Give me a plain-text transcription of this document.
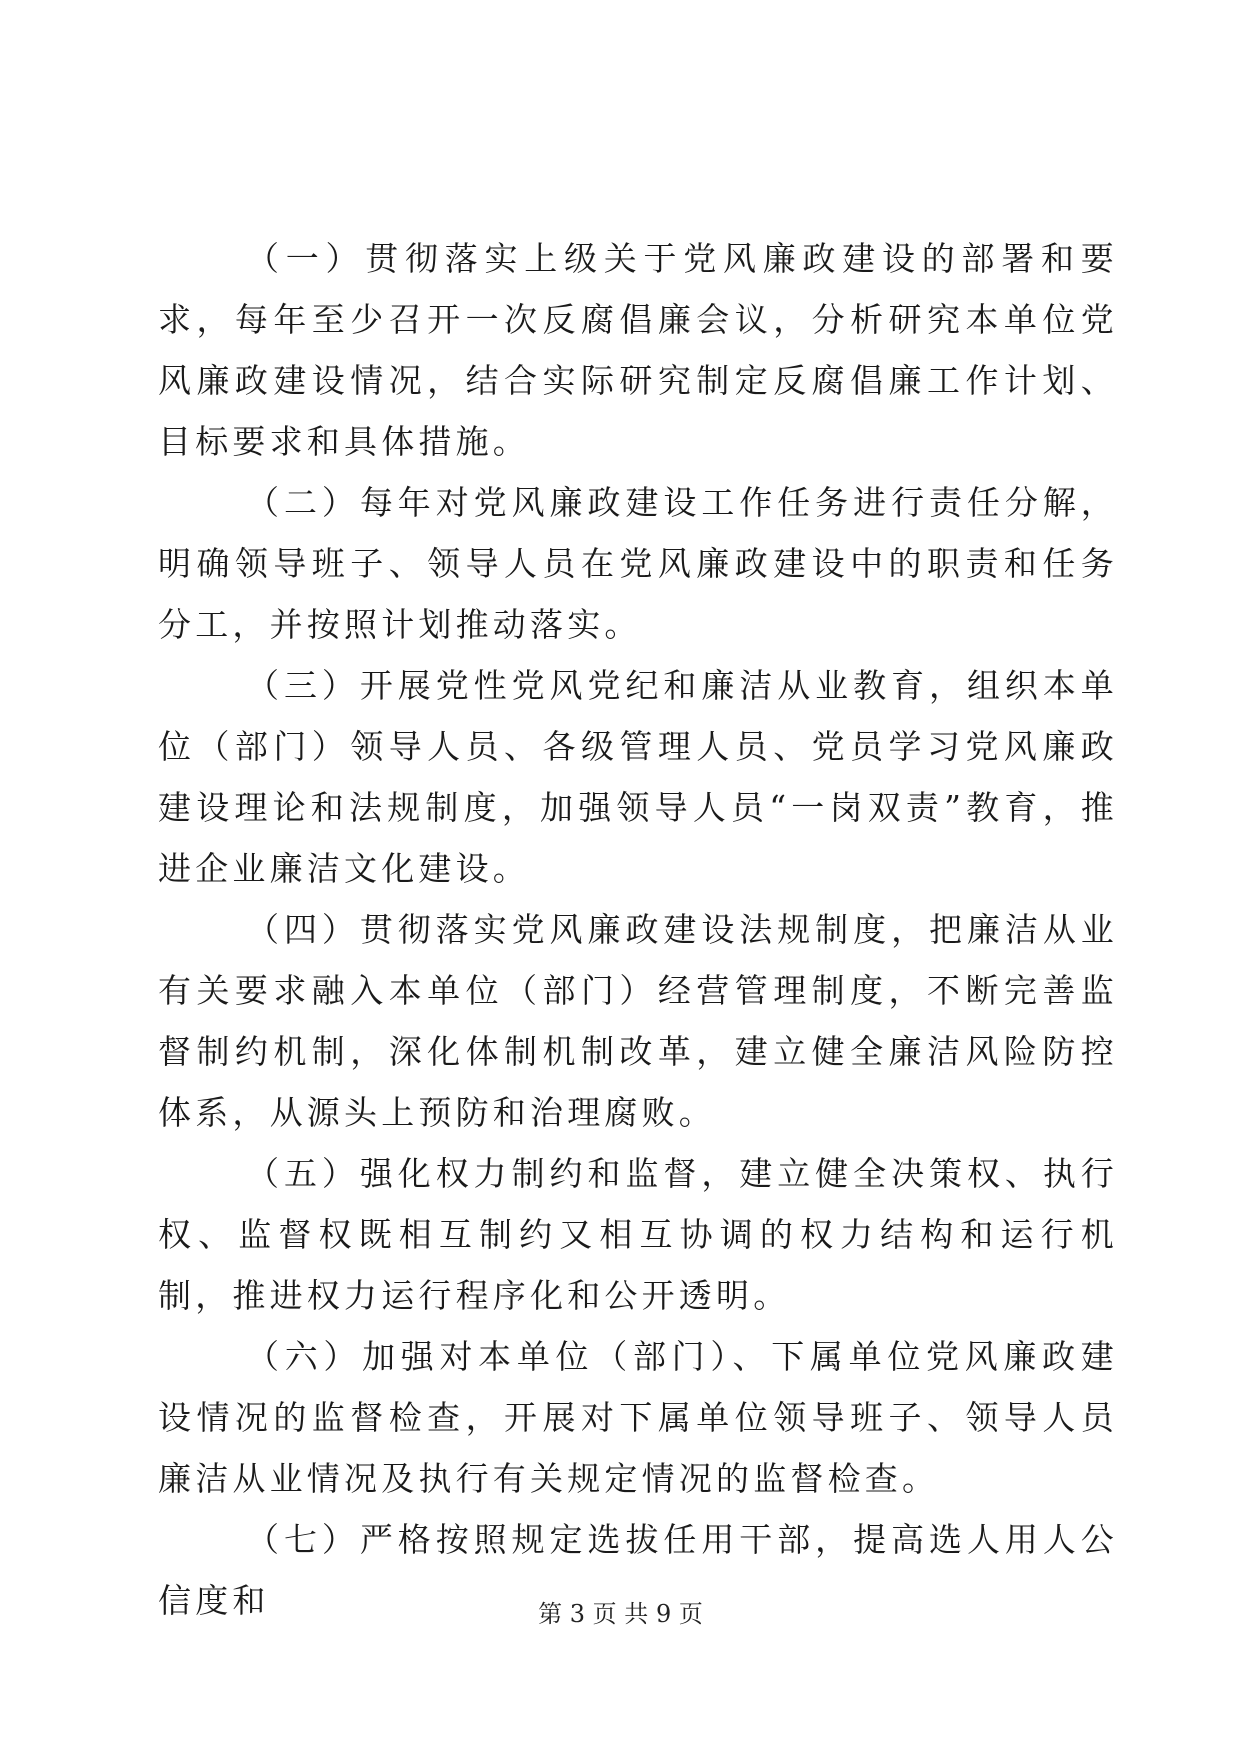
（一）贯彻落实上级关于党风廉政建设的部署和要求，每年至少召开一次反腐倡廉会议，分析研究本单位党风廉政建设情况，结合实际研究制定反腐倡廉工作计划、目标要求和具体措施。

（二）每年对党风廉政建设工作任务进行责任分解，明确领导班子、领导人员在党风廉政建设中的职责和任务分工，并按照计划推动落实。

（三）开展党性党风党纪和廉洁从业教育，组织本单位（部门）领导人员、各级管理人员、党员学习党风廉政建设理论和法规制度，加强领导人员“一岗双责”教育，推进企业廉洁文化建设。

（四）贯彻落实党风廉政建设法规制度，把廉洁从业有关要求融入本单位（部门）经营管理制度，不断完善监督制约机制，深化体制机制改革，建立健全廉洁风险防控体系，从源头上预防和治理腐败。

（五）强化权力制约和监督，建立健全决策权、执行权、监督权既相互制约又相互协调的权力结构和运行机制，推进权力运行程序化和公开透明。

（六）加强对本单位（部门）、下属单位党风廉政建设情况的监督检查，开展对下属单位领导班子、领导人员廉洁从业情况及执行有关规定情况的监督检查。

（七）严格按照规定选拔任用干部，提高选人用人公信度和	第 3 页 共 9 页
